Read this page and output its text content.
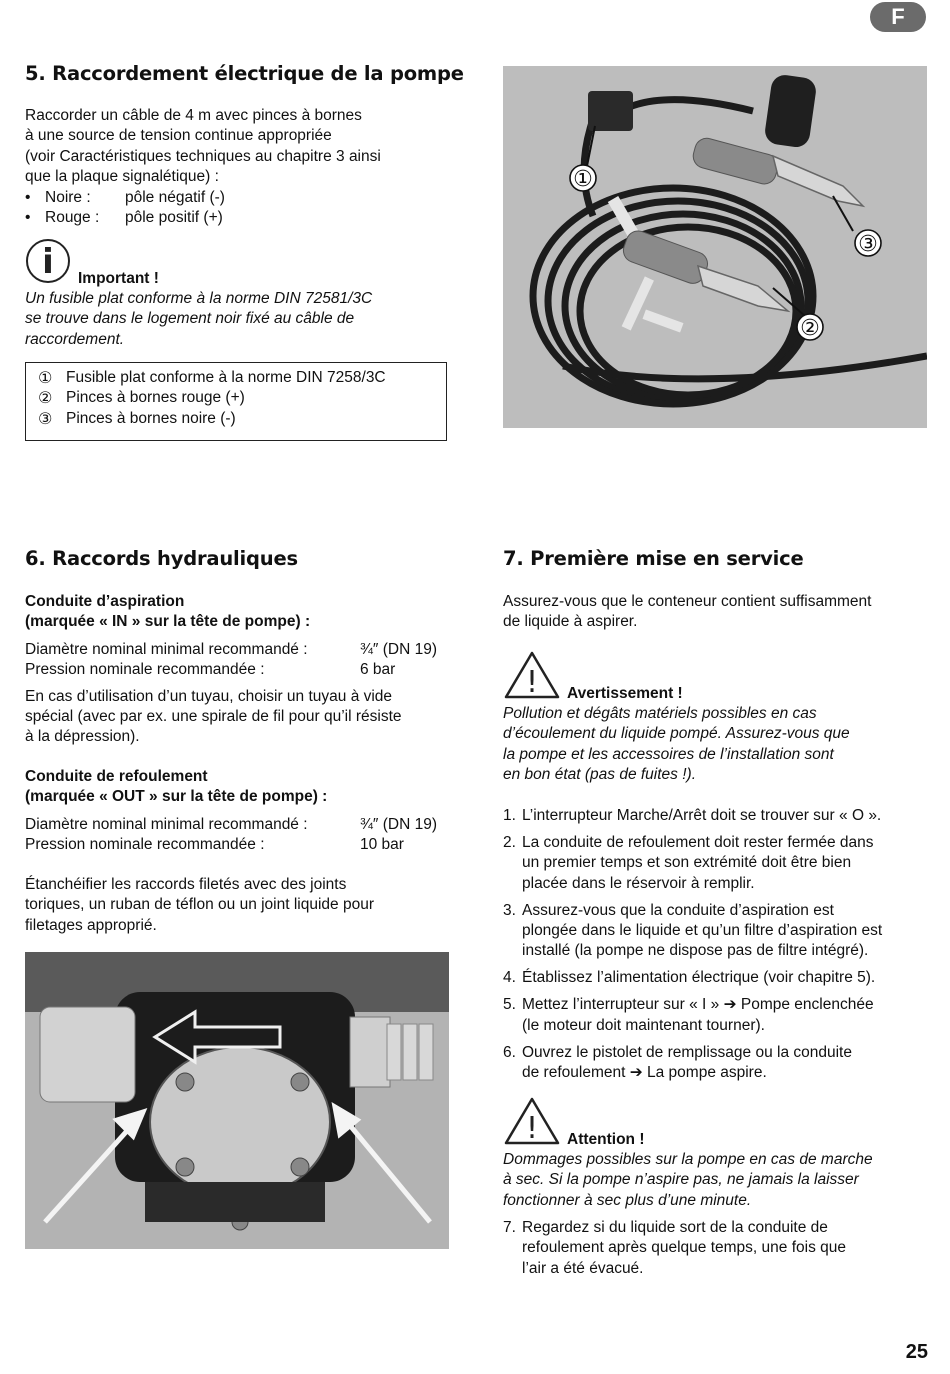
F
5. Raccordement électrique de la pompe

Raccorder un câble de 4 m avec pinces à bornes

à une source de tension continue appropriée

(voir Caractéristiques techniques au chapitre 3 ainsi

que la plaque signalétique) :

• Noire :	pôle négatif (-)
• Rouge :	pôle positif (+)
i Important !

Un fusible plat conforme à la norme DIN 72581/3C

se trouve dans le logement noir fixé au câble de

raccordement.

① Fusible plat conforme à la norme DIN 7258/3C
② Pinces à bornes rouge (+)
③ Pinces à bornes noire (-)
①
③
②
6. Raccords hydrauliques

Conduite d’aspiration

(marquée « IN » sur la tête de pompe) :

Diamètre nominal minimal recommandé :	¾″ (DN 19)
Pression nominale recommandée :	6 bar

En cas d’utilisation d’un tuyau, choisir un tuyau à vide

spécial (avec par ex. une spirale de fil pour qu’il résiste

à la dépression).

Conduite de refoulement

(marquée « OUT » sur la tête de pompe) :

Diamètre nominal minimal recommandé :	¾″ (DN 19)
Pression nominale recommandée :	10 bar

Étanchéifier les raccords filetés avec des joints

toriques, un ruban de téflon ou un joint liquide pour

filetages approprié.

7. Première mise en service

Assurez-vous que le conteneur contient suffisamment

de liquide à aspirer.

! Avertissement !

Pollution et dégâts matériels possibles en cas

d’écoulement du liquide pompé. Assurez-vous que

la pompe et les accessoires de l’installation sont

en bon état (pas de fuites !).

1. L’interrupteur Marche/Arrêt doit se trouver sur « O ».
2. La conduite de refoulement doit rester fermée dans
un premier temps et son extrémité doit être bien
placée dans le réservoir à remplir.
3. Assurez-vous que la conduite d’aspiration est
plongée dans le liquide et qu’un filtre d’aspiration est
installé (la pompe ne dispose pas de filtre intégré).
4. Établissez l’alimentation électrique (voir chapitre 5).
5. Mettez l’interrupteur sur « I » ➔ Pompe enclenchée
(le moteur doit maintenant tourner).
6. Ouvrez le pistolet de remplissage ou la conduite
de refoulement ➔ La pompe aspire.
! Attention !

Dommages possibles sur la pompe en cas de marche

à sec. Si la pompe n’aspire pas, ne jamais la laisser

fonctionner à sec plus d’une minute.

7. Regardez si du liquide sort de la conduite de
refoulement après quelque temps, une fois que
l’air a été évacué.

25
